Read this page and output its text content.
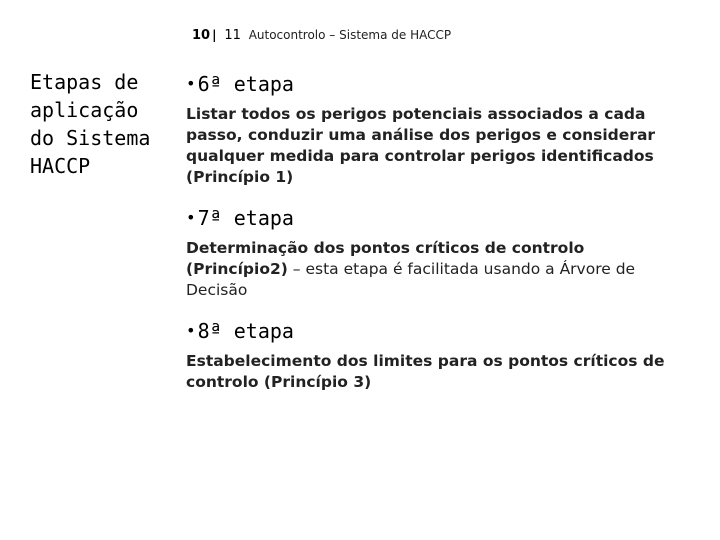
10 | 11 Autocontrolo – Sistema de HACCP
Etapas de aplicação do Sistema HACCP
• 6ª etapa
Listar todos os perigos potenciais associados a cada passo, conduzir uma análise dos perigos e considerar qualquer medida para controlar perigos identificados (Princípio 1)
• 7ª etapa
Determinação dos pontos críticos de controlo (Princípio2) – esta etapa é facilitada usando a Árvore de Decisão
• 8ª etapa
Estabelecimento dos limites para os pontos críticos de controlo (Princípio 3)
